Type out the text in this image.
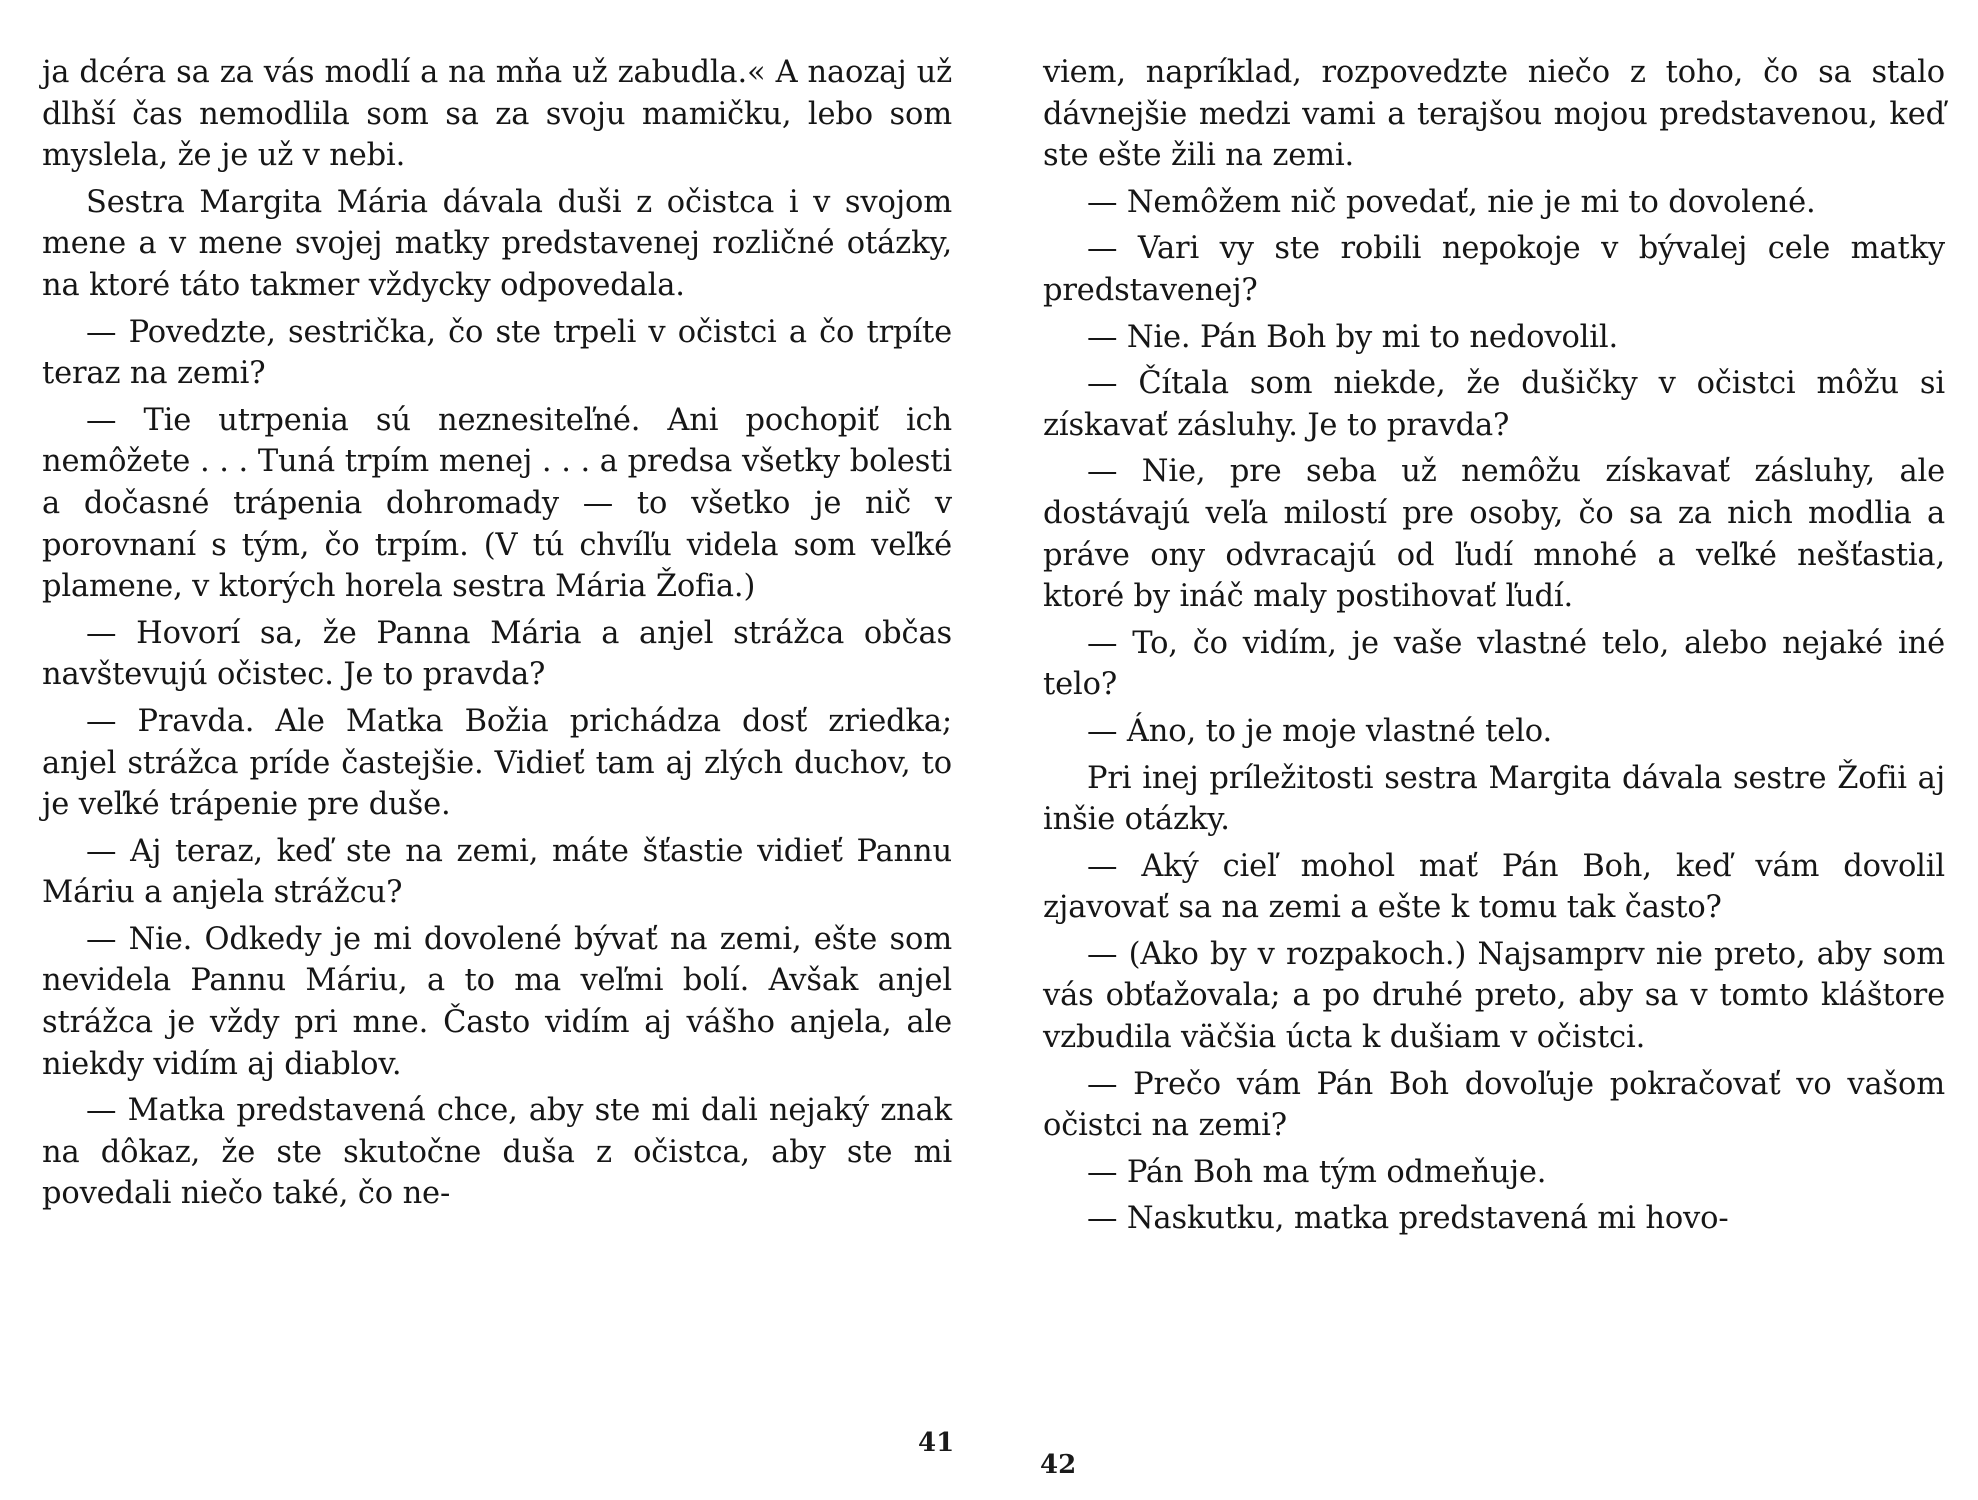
ja dcéra sa za vás modlí a na mňa už zabudla.« A naozaj už dlhší čas nemodlila som sa za svoju mamičku, lebo som myslela, že je už v nebi.

Sestra Margita Mária dávala duši z očistca i v svojom mene a v mene svojej matky predstavenej rozličné otázky, na ktoré táto takmer vždycky odpovedala.

— Povedzte, sestrička, čo ste trpeli v očistci a čo trpíte teraz na zemi?

— Tie utrpenia sú neznesiteľné. Ani pochopiť ich nemôžete . . . Tuná trpím menej . . . a predsa všetky bolesti a dočasné trápenia dohromady — to všetko je nič v porovnaní s tým, čo trpím. (V tú chvíľu videla som veľké plamene, v ktorých horela sestra Mária Žofia.)

— Hovorí sa, že Panna Mária a anjel strážca občas navštevujú očistec. Je to pravda?

— Pravda. Ale Matka Božia prichádza dosť zriedka; anjel strážca príde častejšie. Vidieť tam aj zlých duchov, to je veľké trápenie pre duše.

— Aj teraz, keď ste na zemi, máte šťastie vidieť Pannu Máriu a anjela strážcu?

— Nie. Odkedy je mi dovolené bývať na zemi, ešte som nevidela Pannu Máriu, a to ma veľmi bolí. Avšak anjel strážca je vždy pri mne. Často vidím aj vášho anjela, ale niekdy vidím aj diablov.

— Matka predstavená chce, aby ste mi dali nejaký znak na dôkaz, že ste skutočne duša z očistca, aby ste mi povedali niečo také, čo ne-

41

viem, napríklad, rozpovedzte niečo z toho, čo sa stalo dávnejšie medzi vami a terajšou mojou predstavenou, keď ste ešte žili na zemi.

— Nemôžem nič povedať, nie je mi to dovolené.

— Vari vy ste robili nepokoje v bývalej cele matky predstavenej?

— Nie. Pán Boh by mi to nedovolil.

— Čítala som niekde, že dušičky v očistci môžu si získavať zásluhy. Je to pravda?

— Nie, pre seba už nemôžu získavať zásluhy, ale dostávajú veľa milostí pre osoby, čo sa za nich modlia a práve ony odvracajú od ľudí mnohé a veľké nešťastia, ktoré by ináč maly postihovať ľudí.

— To, čo vidím, je vaše vlastné telo, alebo nejaké iné telo?

— Áno, to je moje vlastné telo.

Pri inej príležitosti sestra Margita dávala sestre Žofii aj inšie otázky.

— Aký cieľ mohol mať Pán Boh, keď vám dovolil zjavovať sa na zemi a ešte k tomu tak často?

— (Ako by v rozpakoch.) Najsamprv nie preto, aby som vás obťažovala; a po druhé preto, aby sa v tomto kláštore vzbudila väčšia úcta k dušiam v očistci.

— Prečo vám Pán Boh dovoľuje pokračovať vo vašom očistci na zemi?

— Pán Boh ma tým odmeňuje.

— Naskutku, matka predstavená mi hovo-

42
